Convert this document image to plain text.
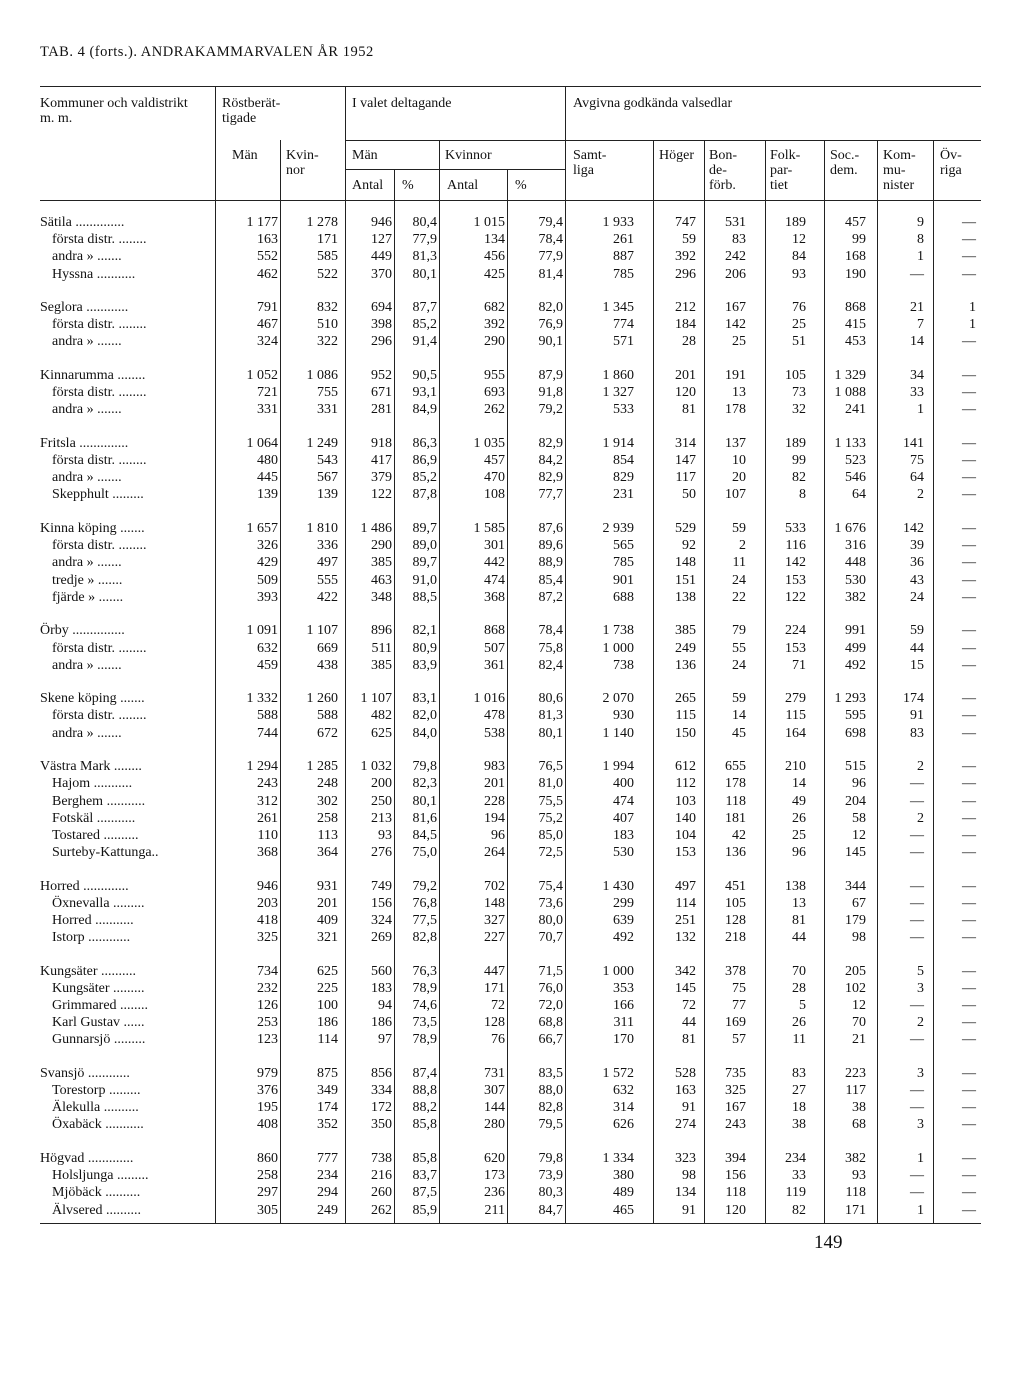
TAB. 4 (forts.). ANDRAKAMMARVALEN ÅR 1952
Kommuner och valdistrikt m. m.
Röstberät-tigade
I valet deltagande	Avgivna godkända valsedlar
Män Kvin-nor
Män	Kvinnor
Antal % Antal	%
Samt-liga
Höger Bon-de-förb.
Folk-par-tiet
Soc.-dem.
Kom-mu-nister
Öv-riga
Sätila ..............	1 177	1 278	946	80,4	1 015	79,4	1 933	747	531	189	457	9	—
första distr. ........	163	171	127	77,9	134	78,4	261	59	83	12	99	8	—
andra » .......	552	585	449	81,3	456	77,9	887	392	242	84	168	1	—
Hyssna ...........	462	522	370	80,1	425	81,4	785	296	206	93	190	—	—
Seglora ............	791	832	694	87,7	682	82,0	1 345	212	167	76	868	21	1
första distr. ........	467	510	398	85,2	392	76,9	774	184	142	25	415	7	1
andra » .......	324	322	296	91,4	290	90,1	571	28	25	51	453	14	—
Kinnarumma ........	1 052	1 086	952	90,5	955	87,9	1 860	201	191	105	1 329	34	—
första distr. ........	721	755	671	93,1	693	91,8	1 327	120	13	73	1 088	33	—
andra » .......	331	331	281	84,9	262	79,2	533	81	178	32	241	1	—
Fritsla ..............	1 064	1 249	918	86,3	1 035	82,9	1 914	314	137	189	1 133	141	—
första distr. ........	480	543	417	86,9	457	84,2	854	147	10	99	523	75	—
andra » .......	445	567	379	85,2	470	82,9	829	117	20	82	546	64	—
Skepphult .........	139	139	122	87,8	108	77,7	231	50	107	8	64	2	—
Kinna köping .......	1 657	1 810	1 486	89,7	1 585	87,6	2 939	529	59	533	1 676	142	—
första distr. ........	326	336	290	89,0	301	89,6	565	92	2	116	316	39	—
andra » .......	429	497	385	89,7	442	88,9	785	148	11	142	448	36	—
tredje » .......	509	555	463	91,0	474	85,4	901	151	24	153	530	43	—
fjärde » .......	393	422	348	88,5	368	87,2	688	138	22	122	382	24	—
Örby ...............	1 091	1 107	896	82,1	868	78,4	1 738	385	79	224	991	59	—
första distr. ........	632	669	511	80,9	507	75,8	1 000	249	55	153	499	44	—
andra » .......	459	438	385	83,9	361	82,4	738	136	24	71	492	15	—
Skene köping .......	1 332	1 260	1 107	83,1	1 016	80,6	2 070	265	59	279	1 293	174	—
första distr. ........	588	588	482	82,0	478	81,3	930	115	14	115	595	91	—
andra » .......	744	672	625	84,0	538	80,1	1 140	150	45	164	698	83	—
Västra Mark ........	1 294	1 285	1 032	79,8	983	76,5	1 994	612	655	210	515	2	—
Hajom ...........	243	248	200	82,3	201	81,0	400	112	178	14	96	—	—
Berghem ...........	312	302	250	80,1	228	75,5	474	103	118	49	204	—	—
Fotskäl ...........	261	258	213	81,6	194	75,2	407	140	181	26	58	2	—
Tostared ..........	110	113	93	84,5	96	85,0	183	104	42	25	12	—	—
Surteby-Kattunga..	368	364	276	75,0	264	72,5	530	153	136	96	145	—	—
Horred .............	946	931	749	79,2	702	75,4	1 430	497	451	138	344	—	—
Öxnevalla .........	203	201	156	76,8	148	73,6	299	114	105	13	67	—	—
Horred ...........	418	409	324	77,5	327	80,0	639	251	128	81	179	—	—
Istorp ............	325	321	269	82,8	227	70,7	492	132	218	44	98	—	—
Kungsäter ..........	734	625	560	76,3	447	71,5	1 000	342	378	70	205	5	—
Kungsäter .........	232	225	183	78,9	171	76,0	353	145	75	28	102	3	—
Grimmared ........	126	100	94	74,6	72	72,0	166	72	77	5	12	—	—
Karl Gustav ......	253	186	186	73,5	128	68,8	311	44	169	26	70	2	—
Gunnarsjö .........	123	114	97	78,9	76	66,7	170	81	57	11	21	—	—
Svansjö ............	979	875	856	87,4	731	83,5	1 572	528	735	83	223	3	—
Torestorp .........	376	349	334	88,8	307	88,0	632	163	325	27	117	—	—
Älekulla ..........	195	174	172	88,2	144	82,8	314	91	167	18	38	—	—
Öxabäck ...........	408	352	350	85,8	280	79,5	626	274	243	38	68	3	—
Högvad .............	860	777	738	85,8	620	79,8	1 334	323	394	234	382	1	—
Holsljunga .........	258	234	216	83,7	173	73,9	380	98	156	33	93	—	—
Mjöbäck ..........	297	294	260	87,5	236	80,3	489	134	118	119	118	—	—
Älvsered ..........	305	249	262	85,9	211	84,7	465	91	120	82	171	1	—
149
